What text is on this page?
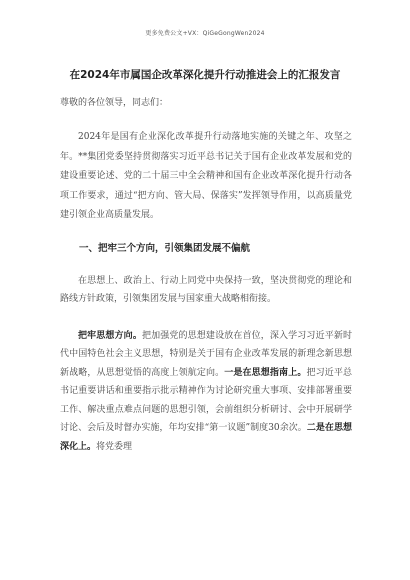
更多免费公文+VX：QiGeGongWen2024
在2024年市属国企改革深化提升行动推进会上的汇报发言
尊敬的各位领导，同志们：

2024年是国有企业深化改革提升行动落地实施的关键之年、攻坚之年。**集团党委坚持贯彻落实习近平总书记关于国有企业改革发展和党的建设重要论述、党的二十届三中全会精神和国有企业改革深化提升行动各项工作要求，通过“把方向、管大局、保落实”发挥领导作用，以高质量党建引领企业高质量发展。

一、把牢三个方向，引领集团发展不偏航

在思想上、政治上、行动上同党中央保持一致，坚决贯彻党的理论和路线方针政策，引领集团发展与国家重大战略相衔接。

把牢思想方向。把加强党的思想建设放在首位，深入学习习近平新时代中国特色社会主义思想，特别是关于国有企业改革发展的新理念新思想新战略，从思想觉悟的高度上领航定向。一是在思想指南上。把习近平总书记重要讲话和重要指示批示精神作为讨论研究重大事项、安排部署重要工作、解决重点难点问题的思想引领，会前组织分析研讨、会中开展研学讨论、会后及时督办实施，年均安排“第一议题”制度30余次。二是在思想深化上。将党委理
